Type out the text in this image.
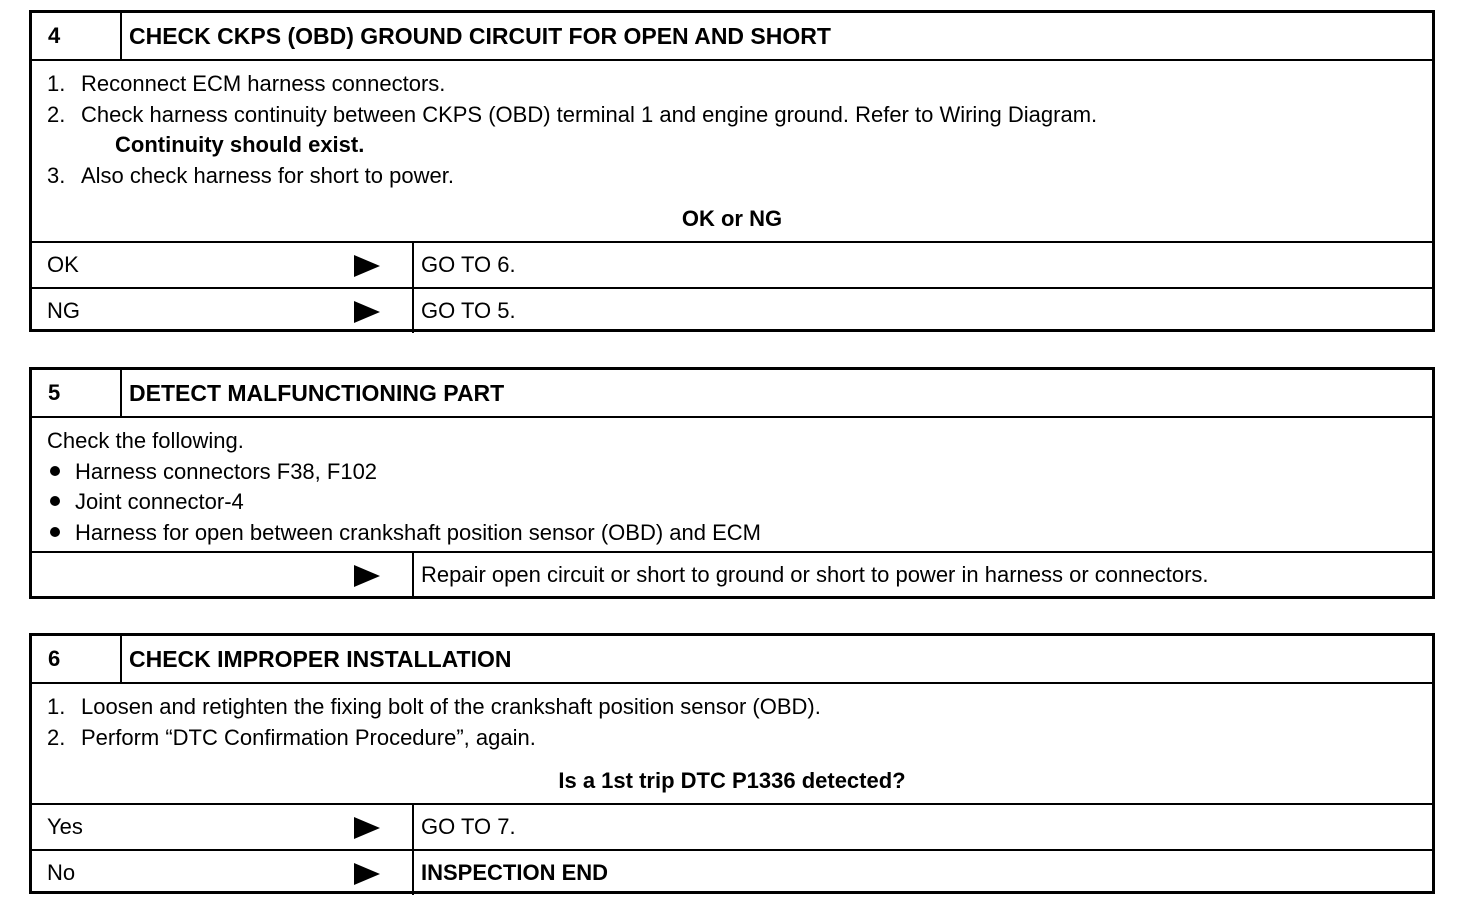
4	CHECK CKPS (OBD) GROUND CIRCUIT FOR OPEN AND SHORT
1. Reconnect ECM harness connectors.
2. Check harness continuity between CKPS (OBD) terminal 1 and engine ground. Refer to Wiring Diagram.
Continuity should exist.
3. Also check harness for short to power.
OK or NG
OK	GO TO 6.
NG	GO TO 5.
5	DETECT MALFUNCTIONING PART
Check the following.
Harness connectors F38, F102
Joint connector-4
Harness for open between crankshaft position sensor (OBD) and ECM
Repair open circuit or short to ground or short to power in harness or connectors.
6	CHECK IMPROPER INSTALLATION
1. Loosen and retighten the fixing bolt of the crankshaft position sensor (OBD).
2. Perform “DTC Confirmation Procedure”, again.
Is a 1st trip DTC P1336 detected?
Yes	GO TO 7.
No	INSPECTION END
